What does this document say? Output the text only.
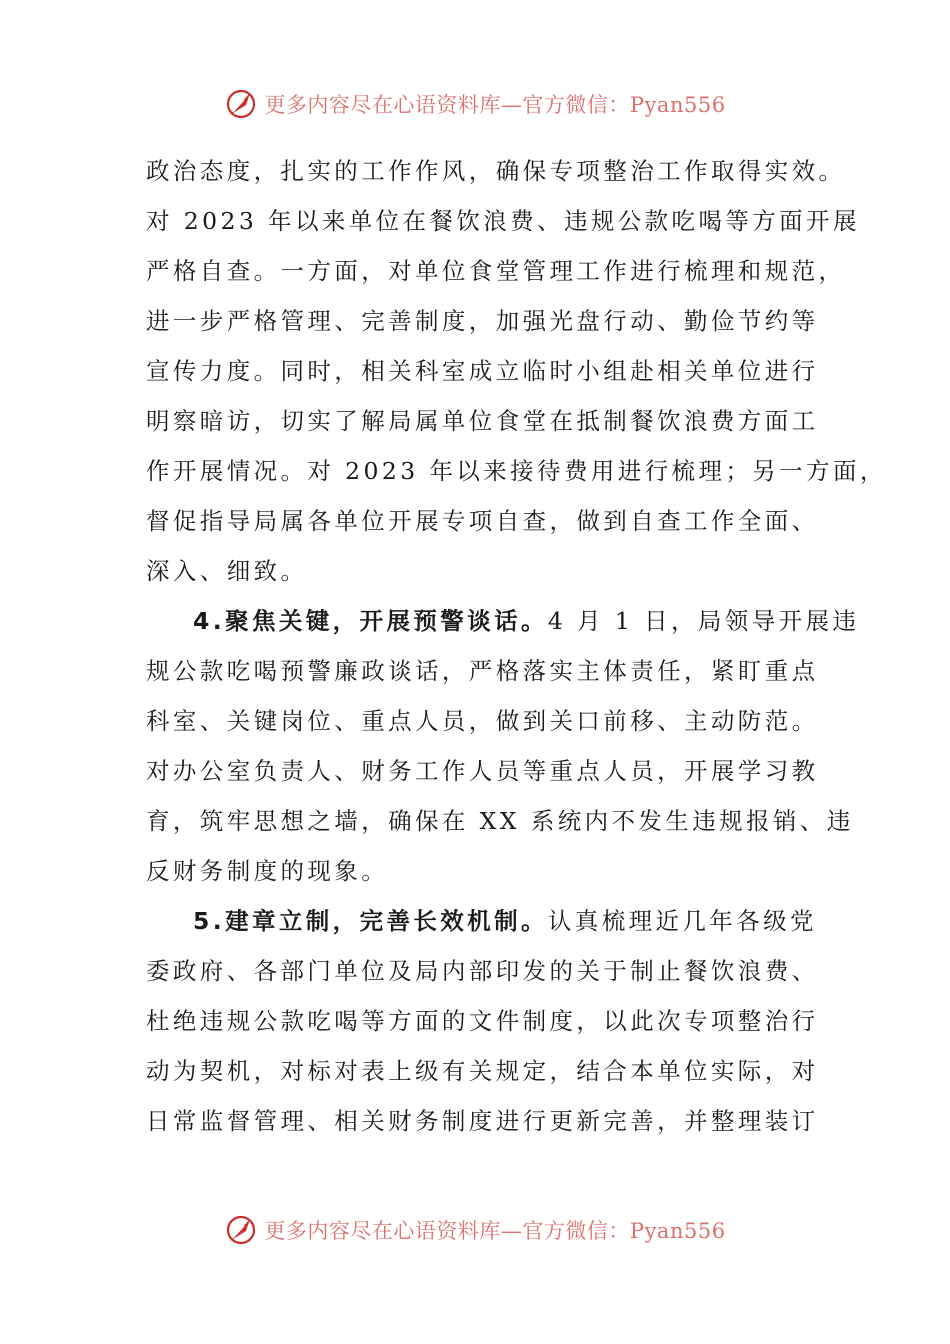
更多内容尽在心语资料库—官方微信：Pyan556
政治态度，扎实的工作作风，确保专项整治工作取得实效。
对 2023 年以来单位在餐饮浪费、违规公款吃喝等方面开展
严格自查。一方面，对单位食堂管理工作进行梳理和规范，
进一步严格管理、完善制度，加强光盘行动、勤俭节约等
宣传力度。同时，相关科室成立临时小组赴相关单位进行
明察暗访，切实了解局属单位食堂在抵制餐饮浪费方面工
作开展情况。对 2023 年以来接待费用进行梳理；另一方面，
督促指导局属各单位开展专项自查，做到自查工作全面、
深入、细致。
4.聚焦关键，开展预警谈话。4 月 1 日，局领导开展违
规公款吃喝预警廉政谈话，严格落实主体责任，紧盯重点
科室、关键岗位、重点人员，做到关口前移、主动防范。
对办公室负责人、财务工作人员等重点人员，开展学习教
育，筑牢思想之墙，确保在 XX 系统内不发生违规报销、违
反财务制度的现象。
5.建章立制，完善长效机制。认真梳理近几年各级党
委政府、各部门单位及局内部印发的关于制止餐饮浪费、
杜绝违规公款吃喝等方面的文件制度，以此次专项整治行
动为契机，对标对表上级有关规定，结合本单位实际，对
日常监督管理、相关财务制度进行更新完善，并整理装订
更多内容尽在心语资料库—官方微信：Pyan556
